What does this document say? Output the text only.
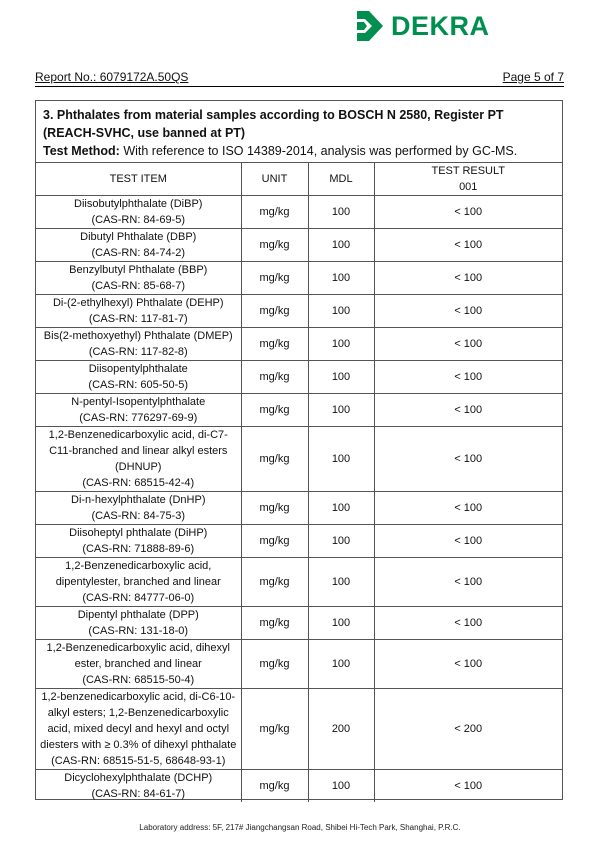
DEKRA
Report No.: 6079172A.50QS	Page 5 of 7
3. Phthalates from material samples according to BOSCH N 2580, Register PT (REACH-SVHC, use banned at PT)
Test Method: With reference to ISO 14389-2014, analysis was performed by GC-MS.
TEST ITEM	UNIT	MDL	TEST RESULT
001

Diisobutylphthalate (DiBP)
(CAS-RN: 84-69-5)	mg/kg	100	< 100

Dibutyl Phthalate (DBP)
(CAS-RN: 84-74-2)	mg/kg	100	< 100

Benzylbutyl Phthalate (BBP)
(CAS-RN: 85-68-7)	mg/kg	100	< 100

Di-(2-ethylhexyl) Phthalate (DEHP)
(CAS-RN: 117-81-7)	mg/kg	100	< 100

Bis(2-methoxyethyl) Phthalate (DMEP)
(CAS-RN: 117-82-8)	mg/kg	100	< 100

Diisopentylphthalate
(CAS-RN: 605-50-5)	mg/kg	100	< 100

N-pentyl-Isopentylphthalate
(CAS-RN: 776297-69-9)	mg/kg	100	< 100

1,2-Benzenedicarboxylic acid, di-C7-
C11-branched and linear alkyl esters
(DHNUP)
(CAS-RN: 68515-42-4)	mg/kg	100	< 100

Di-n-hexylphthalate (DnHP)
(CAS-RN: 84-75-3)	mg/kg	100	< 100

Diisoheptyl phthalate (DiHP)
(CAS-RN: 71888-89-6)	mg/kg	100	< 100

1,2-Benzenedicarboxylic acid,
dipentylester, branched and linear
(CAS-RN: 84777-06-0)	mg/kg	100	< 100

Dipentyl phthalate (DPP)
(CAS-RN: 131-18-0)	mg/kg	100	< 100

1,2-Benzenedicarboxylic acid, dihexyl
ester, branched and linear
(CAS-RN: 68515-50-4)	mg/kg	100	< 100

1,2-benzenedicarboxylic acid, di-C6-10-
alkyl esters; 1,2-Benzenedicarboxylic
acid, mixed decyl and hexyl and octyl
diesters with ≥ 0.3% of dihexyl phthalate
(CAS-RN: 68515-51-5, 68648-93-1)	mg/kg	200	< 200

Dicyclohexylphthalate (DCHP)
(CAS-RN: 84-61-7)	mg/kg	100	< 100
Laboratory address: 5F, 217# Jiangchangsan Road, Shibei Hi-Tech Park, Shanghai, P.R.C.
